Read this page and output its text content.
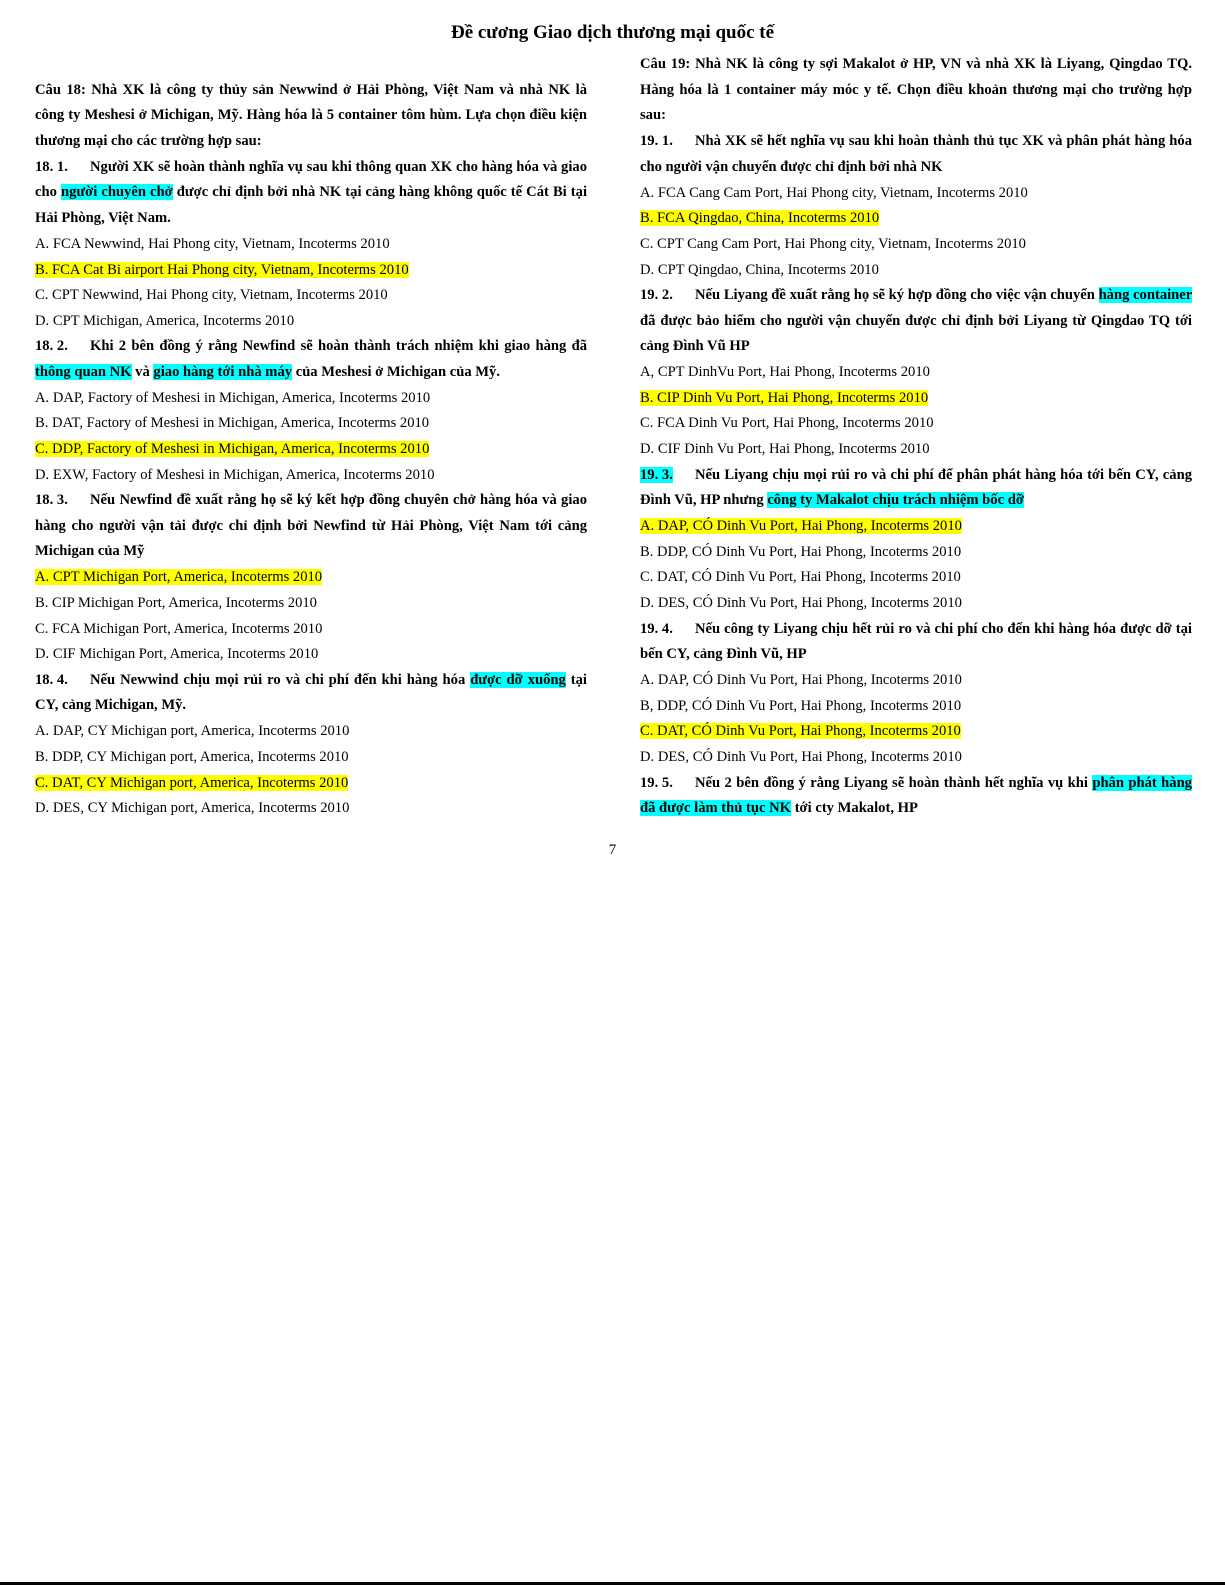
Đề cương Giao dịch thương mại quốc tế
Câu 18: Nhà XK là công ty thủy sản Newwind ở Hải Phòng, Việt Nam và nhà NK là công ty Meshesi ở Michigan, Mỹ. Hàng hóa là 5 container tôm hùm. Lựa chọn điều kiện thương mại cho các trường hợp sau:
18. 1. Người XK sẽ hoàn thành nghĩa vụ sau khi thông quan XK cho hàng hóa và giao cho người chuyên chở được chỉ định bởi nhà NK tại cảng hàng không quốc tế Cát Bi tại Hải Phòng, Việt Nam.
A. FCA Newwind, Hai Phong city, Vietnam, Incoterms 2010
B. FCA Cat Bi airport Hai Phong city, Vietnam, Incoterms 2010
C. CPT Newwind, Hai Phong city, Vietnam, Incoterms 2010
D. CPT Michigan, America, Incoterms 2010
18. 2. Khi 2 bên đồng ý rằng Newfind sẽ hoàn thành trách nhiệm khi giao hàng đã thông quan NK và giao hàng tới nhà máy của Meshesi ở Michigan của Mỹ.
A. DAP, Factory of Meshesi in Michigan, America, Incoterms 2010
B. DAT, Factory of Meshesi in Michigan, America, Incoterms 2010
C. DDP, Factory of Meshesi in Michigan, America, Incoterms 2010
D. EXW, Factory of Meshesi in Michigan, America, Incoterms 2010
18. 3. Nếu Newfind đề xuất rằng họ sẽ ký kết hợp đồng chuyên chở hàng hóa và giao hàng cho người vận tải được chỉ định bởi Newfind từ Hải Phòng, Việt Nam tới cảng Michigan của Mỹ
A. CPT Michigan Port, America, Incoterms 2010
B. CIP Michigan Port, America, Incoterms 2010
C. FCA Michigan Port, America, Incoterms 2010
D. CIF Michigan Port, America, Incoterms 2010
18. 4. Nếu Newwind chịu mọi rủi ro và chi phí đến khi hàng hóa được dỡ xuống tại CY, cảng Michigan, Mỹ.
A. DAP, CY Michigan port, America, Incoterms 2010
B. DDP, CY Michigan port, America, Incoterms 2010
C. DAT, CY Michigan port, America, Incoterms 2010
D. DES, CY Michigan port, America, Incoterms 2010
Câu 19: Nhà NK là công ty sợi Makalot ở HP, VN và nhà XK là Liyang, Qingdao TQ. Hàng hóa là 1 container máy móc y tế. Chọn điều khoản thương mại cho trường hợp sau:
19. 1. Nhà XK sẽ hết nghĩa vụ sau khi hoàn thành thủ tục XK và phân phát hàng hóa cho người vận chuyển được chỉ định bởi nhà NK
A. FCA Cang Cam Port, Hai Phong city, Vietnam, Incoterms 2010
B. FCA Qingdao, China, Incoterms 2010
C. CPT Cang Cam Port, Hai Phong city, Vietnam, Incoterms 2010
D. CPT Qingdao, China, Incoterms 2010
19. 2. Nếu Liyang đề xuất rằng họ sẽ ký hợp đồng cho việc vận chuyển hàng container đã được bảo hiểm cho người vận chuyển được chỉ định bởi Liyang từ Qingdao TQ tới cảng Đình Vũ HP
A, CPT DinhVu Port, Hai Phong, Incoterms 2010
B. CIP Dinh Vu Port, Hai Phong, Incoterms 2010
C. FCA Dinh Vu Port, Hai Phong, Incoterms 2010
D. CIF Dinh Vu Port, Hai Phong, Incoterms 2010
19. 3. Nếu Liyang chịu mọi rủi ro và chi phí để phân phát hàng hóa tới bến CY, cảng Đình Vũ, HP nhưng công ty Makalot chịu trách nhiệm bốc dỡ
A. DAP, CÓ Dinh Vu Port, Hai Phong, Incoterms 2010
B. DDP, CÓ Dinh Vu Port, Hai Phong, Incoterms 2010
C. DAT, CÓ Dinh Vu Port, Hai Phong, Incoterms 2010
D. DES, CÓ Dinh Vu Port, Hai Phong, Incoterms 2010
19. 4. Nếu công ty Liyang chịu hết rủi ro và chi phí cho đến khi hàng hóa được dỡ tại bến CY, cảng Đình Vũ, HP
A. DAP, CÓ Dinh Vu Port, Hai Phong, Incoterms 2010
B, DDP, CÓ Dinh Vu Port, Hai Phong, Incoterms 2010
C. DAT, CÓ Dinh Vu Port, Hai Phong, Incoterms 2010
D. DES, CÓ Dinh Vu Port, Hai Phong, Incoterms 2010
19. 5. Nếu 2 bên đồng ý rằng Liyang sẽ hoàn thành hết nghĩa vụ khi phân phát hàng đã được làm thủ tục NK tới cty Makalot, HP
7
